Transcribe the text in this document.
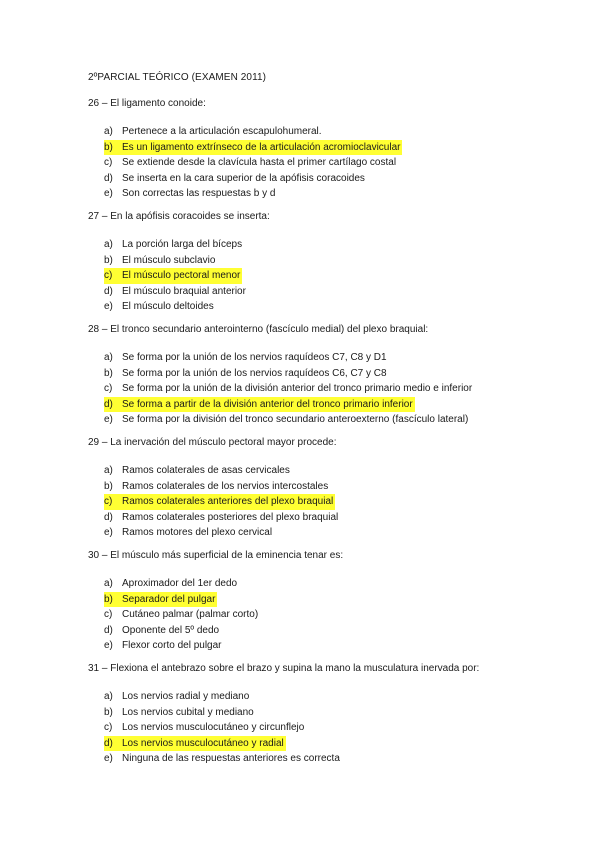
2ºPARCIAL TEÓRICO (EXAMEN 2011)
26 – El ligamento conoide:
a) Pertenece a la articulación escapulohumeral.
b) Es un ligamento extrínseco de la articulación acromioclavicular
c) Se extiende desde la clavícula hasta el primer cartílago costal
d) Se inserta en la cara superior de la apófisis coracoides
e) Son correctas las respuestas b y d
27 – En la apófisis coracoides se inserta:
a) La porción larga del bíceps
b) El músculo subclavio
c) El músculo pectoral menor
d) El músculo braquial anterior
e) El músculo deltoides
28 – El tronco secundario anterointerno (fascículo medial) del plexo braquial:
a) Se forma por la unión de los nervios raquídeos C7, C8 y D1
b) Se forma por la unión de los nervios raquídeos C6, C7 y C8
c) Se forma por la unión de la división anterior del tronco primario medio e inferior
d) Se forma a partir de la división anterior del tronco primario inferior
e) Se forma por la división del tronco secundario anteroexterno (fascículo lateral)
29 – La inervación del músculo pectoral mayor procede:
a) Ramos colaterales de asas cervicales
b) Ramos colaterales de los nervios intercostales
c) Ramos colaterales anteriores del plexo braquial
d) Ramos colaterales posteriores del plexo braquial
e) Ramos motores del plexo cervical
30 – El músculo más superficial de la eminencia tenar es:
a) Aproximador del 1er dedo
b) Separador del pulgar
c) Cutáneo palmar (palmar corto)
d) Oponente del 5º dedo
e) Flexor corto del pulgar
31 – Flexiona el antebrazo sobre el brazo y supina la mano la musculatura inervada por:
a) Los nervios radial y mediano
b) Los nervios cubital y mediano
c) Los nervios musculocutáneo y circunflejo
d) Los nervios musculocutáneo y radial
e) Ninguna de las respuestas anteriores es correcta
